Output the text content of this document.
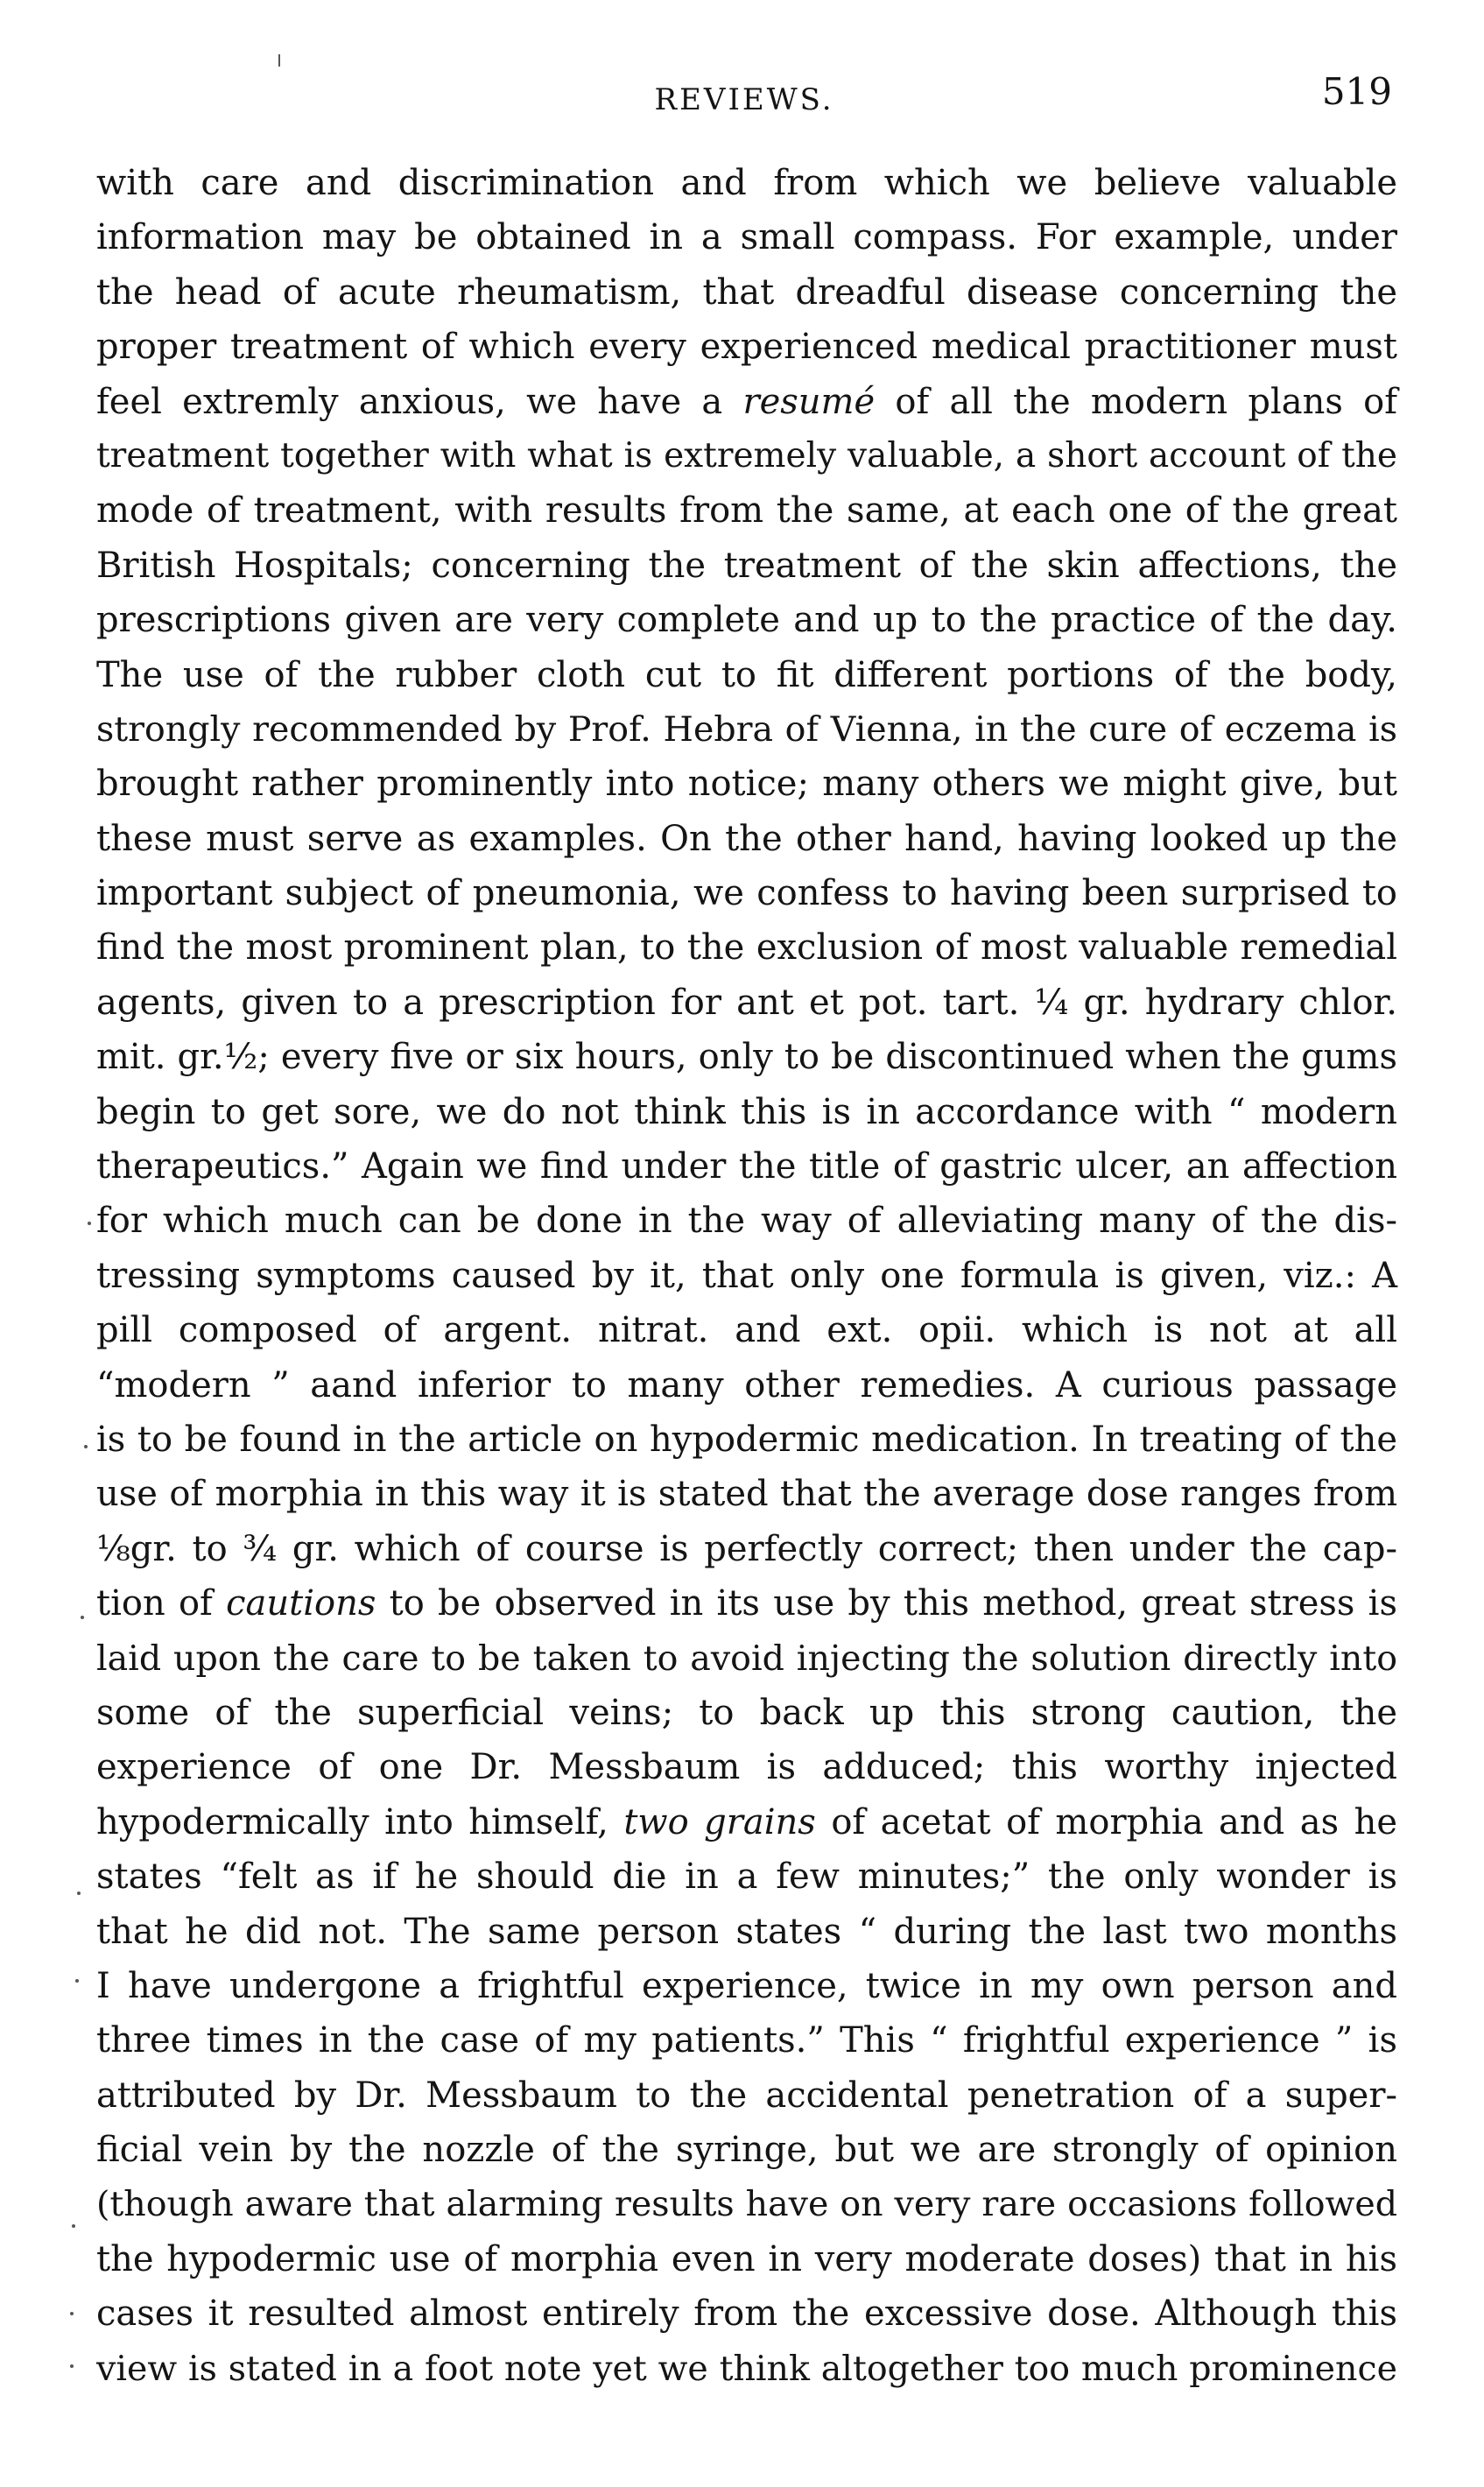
REVIEWS.	519
with care and discrimination and from which we believe valuable
information may be obtained in a small compass. For example, under
the head of acute rheumatism, that dreadful disease concerning the
proper treatment of which every experienced medical practitioner must
feel extremly anxious, we have a resumé of all the modern plans of
treatment together with what is extremely valuable, a short account of the
mode of treatment, with results from the same, at each one of the great
British Hospitals; concerning the treatment of the skin affections, the
prescriptions given are very complete and up to the practice of the day.
The use of the rubber cloth cut to fit different portions of the body,
strongly recommended by Prof. Hebra of Vienna, in the cure of eczema is
brought rather prominently into notice; many others we might give, but
these must serve as examples. On the other hand, having looked up the
important subject of pneumonia, we confess to having been surprised to
find the most prominent plan, to the exclusion of most valuable remedial
agents, given to a prescription for ant et pot. tart. ¼ gr. hydrary chlor.
mit. gr.½; every five or six hours, only to be discontinued when the gums
begin to get sore, we do not think this is in accordance with “ modern
therapeutics.” Again we find under the title of gastric ulcer, an affection
for which much can be done in the way of alleviating many of the dis-
tressing symptoms caused by it, that only one formula is given, viz.: A
pill composed of argent. nitrat. and ext. opii. which is not at all
“modern ” aand inferior to many other remedies. A curious passage
is to be found in the article on hypodermic medication. In treating of the
use of morphia in this way it is stated that the average dose ranges from
⅛gr. to ¾ gr. which of course is perfectly correct; then under the cap-
tion of cautions to be observed in its use by this method, great stress is
laid upon the care to be taken to avoid injecting the solution directly into
some of the superficial veins; to back up this strong caution, the
experience of one Dr. Messbaum is adduced; this worthy injected
hypodermically into himself, two grains of acetat of morphia and as he
states “felt as if he should die in a few minutes;” the only wonder is
that he did not. The same person states “ during the last two months
I have undergone a frightful experience, twice in my own person and
three times in the case of my patients.” This “ frightful experience ” is
attributed by Dr. Messbaum to the accidental penetration of a super-
ficial vein by the nozzle of the syringe, but we are strongly of opinion
(though aware that alarming results have on very rare occasions followed
the hypodermic use of morphia even in very moderate doses) that in his
cases it resulted almost entirely from the excessive dose. Although this
view is stated in a foot note yet we think altogether too much prominence
